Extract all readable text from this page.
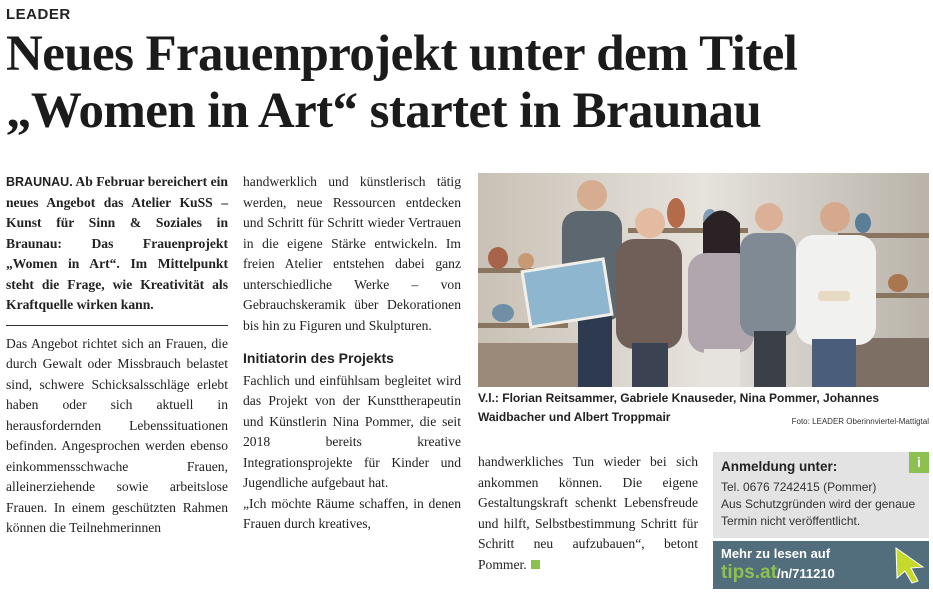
LEADER
Neues Frauenprojekt unter dem Titel
„Women in Art“ startet in Braunau

BRAUNAU. Ab Februar bereichert ein neues Angebot das Atelier KuSS – Kunst für Sinn & Soziales in Braunau: Das Frauenprojekt „Women in Art“. Im Mittelpunkt steht die Frage, wie Kreativität als Kraftquelle wirken kann.

Das Angebot richtet sich an Frauen, die durch Gewalt oder Missbrauch belastet sind, schwere Schicksalsschläge erlebt haben oder sich aktuell in herausfordernden Lebenssituationen befinden. Angesprochen werden ebenso einkommensschwache Frauen, alleinerziehende sowie arbeitslose Frauen. In einem geschützten Rahmen können die Teilnehmerinnen

handwerklich und künstlerisch tätig werden, neue Ressourcen entdecken und Schritt für Schritt wieder Vertrauen in die eigene Stärke entwickeln. Im freien Atelier entstehen dabei ganz unterschiedliche Werke – von Gebrauchskeramik über Dekorationen bis hin zu Figuren und Skulpturen.

Initiatorin des Projekts

Fachlich und einfühlsam begleitet wird das Projekt von der Kunsttherapeutin und Künstlerin Nina Pommer, die seit 2018 bereits kreative Integrationsprojekte für Kinder und Jugendliche aufgebaut hat.

„Ich möchte Räume schaffen, in denen Frauen durch kreatives,

V.l.: Florian Reitsammer, Gabriele Knauseder, Nina Pommer, Johannes Waidbacher und Albert Troppmair	Foto: LEADER Oberinnviertel-Mattigtal

handwerkliches Tun wieder bei sich ankommen können. Die eigene Gestaltungskraft schenkt Lebensfreude und hilft, Selbstbestimmung Schritt für Schritt neu aufzubauen“, betont Pommer.

i
Anmeldung unter:
Tel. 0676 7242415 (Pommer)
Aus Schutzgründen wird der genaue Termin nicht veröffentlicht.
Mehr zu lesen auf
tips.at/n/711210
